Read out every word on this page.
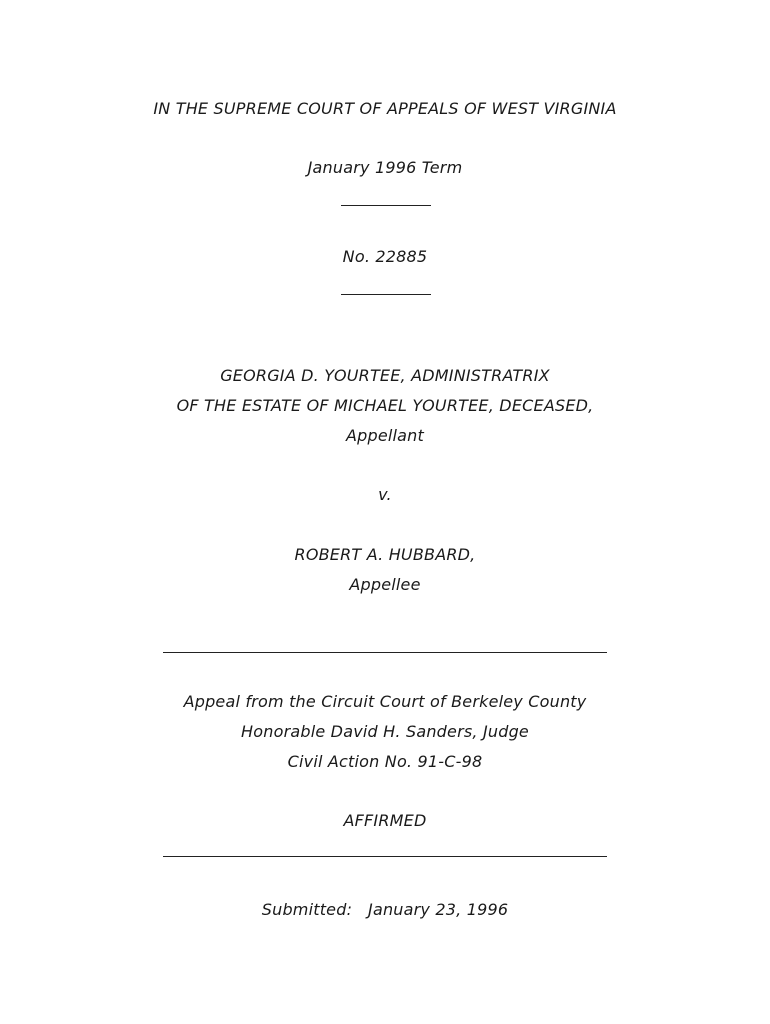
IN THE SUPREME COURT OF APPEALS OF WEST VIRGINIA
January 1996 Term
No. 22885
GEORGIA D. YOURTEE, ADMINISTRATRIX
OF THE ESTATE OF MICHAEL YOURTEE, DECEASED,
Appellant
v.
ROBERT A. HUBBARD,
Appellee
Appeal from the Circuit Court of Berkeley County
Honorable David H. Sanders, Judge
Civil Action No. 91-C-98
AFFIRMED
Submitted: January 23, 1996
